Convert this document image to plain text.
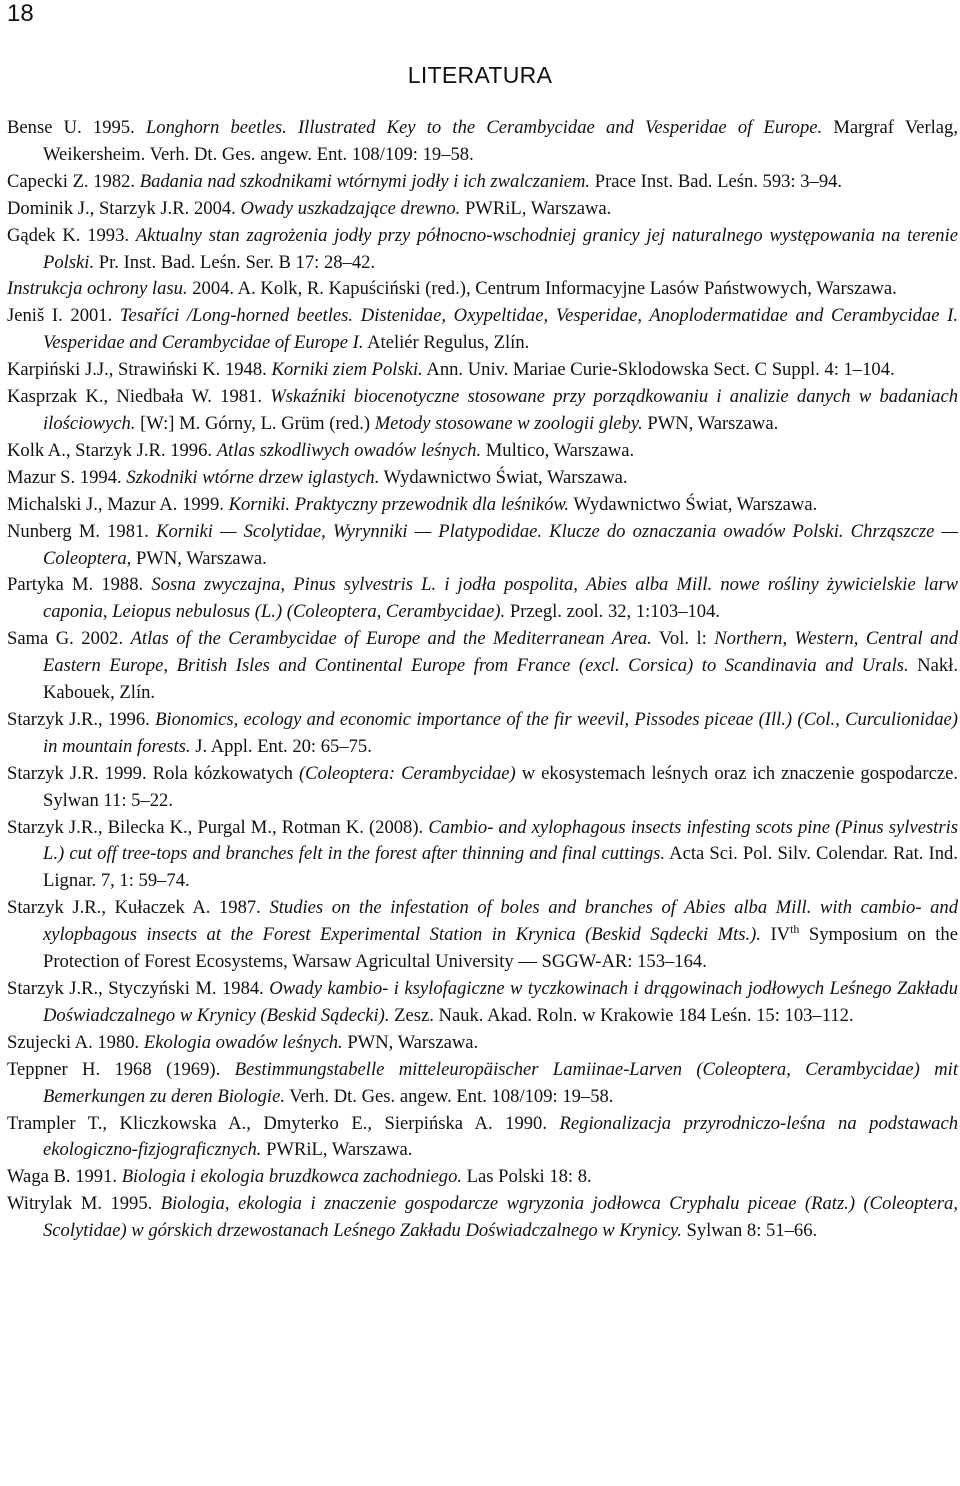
18
LITERATURA

Bense U. 1995. Longhorn beetles. Illustrated Key to the Cerambycidae and Vesperidae of Europe. Margraf Verlag, Weikersheim. Verh. Dt. Ges. angew. Ent. 108/109: 19–58.

Capecki Z. 1982. Badania nad szkodnikami wtórnymi jodły i ich zwalczaniem. Prace Inst. Bad. Leśn. 593: 3–94.

Dominik J., Starzyk J.R. 2004. Owady uszkadzające drewno. PWRiL, Warszawa.

Gądek K. 1993. Aktualny stan zagrożenia jodły przy północno-wschodniej granicy jej naturalnego występowania na terenie Polski. Pr. Inst. Bad. Leśn. Ser. B 17: 28–42.

Instrukcja ochrony lasu. 2004. A. Kolk, R. Kapuściński (red.), Centrum Informacyjne Lasów Państwowych, Warszawa.

Jeniš I. 2001. Tesaříci /Long-horned beetles. Distenidae, Oxypeltidae, Vesperidae, Anoplodermatidae and Cerambycidae I. Vesperidae and Cerambycidae of Europe I. Ateliér Regulus, Zlín.

Karpiński J.J., Strawiński K. 1948. Korniki ziem Polski. Ann. Univ. Mariae Curie-Sklodowska Sect. C Suppl. 4: 1–104.

Kasprzak K., Niedbała W. 1981. Wskaźniki biocenotyczne stosowane przy porządkowaniu i analizie danych w badaniach ilościowych. [W:] M. Górny, L. Grüm (red.) Metody stosowane w zoologii gleby. PWN, Warszawa.

Kolk A., Starzyk J.R. 1996. Atlas szkodliwych owadów leśnych. Multico, Warszawa.

Mazur S. 1994. Szkodniki wtórne drzew iglastych. Wydawnictwo Świat, Warszawa.

Michalski J., Mazur A. 1999. Korniki. Praktyczny przewodnik dla leśników. Wydawnictwo Świat, Warszawa.

Nunberg M. 1981. Korniki — Scolytidae, Wyrynniki — Platypodidae. Klucze do oznaczania owadów Polski. Chrząszcze — Coleoptera, PWN, Warszawa.

Partyka M. 1988. Sosna zwyczajna, Pinus sylvestris L. i jodła pospolita, Abies alba Mill. nowe rośliny żywicielskie larw caponia, Leiopus nebulosus (L.) (Coleoptera, Cerambycidae). Przegl. zool. 32, 1:103–104.

Sama G. 2002. Atlas of the Cerambycidae of Europe and the Mediterranean Area. Vol. l: Northern, Western, Central and Eastern Europe, British Isles and Continental Europe from France (excl. Corsica) to Scandinavia and Urals. Nakł. Kabouek, Zlín.

Starzyk J.R., 1996. Bionomics, ecology and economic importance of the fir weevil, Pissodes piceae (Ill.) (Col., Curculionidae) in mountain forests. J. Appl. Ent. 20: 65–75.

Starzyk J.R. 1999. Rola kózkowatych (Coleoptera: Cerambycidae) w ekosystemach leśnych oraz ich znaczenie gospodarcze. Sylwan 11: 5–22.

Starzyk J.R., Bilecka K., Purgal M., Rotman K. (2008). Cambio- and xylophagous insects infesting scots pine (Pinus sylvestris L.) cut off tree-tops and branches felt in the forest after thinning and final cuttings. Acta Sci. Pol. Silv. Colendar. Rat. Ind. Lignar. 7, 1: 59–74.

Starzyk J.R., Kułaczek A. 1987. Studies on the infestation of boles and branches of Abies alba Mill. with cambio- and xylopbagous insects at the Forest Experimental Station in Krynica (Beskid Sądecki Mts.). IVth Symposium on the Protection of Forest Ecosystems, Warsaw Agricultal University — SGGW-AR: 153–164.

Starzyk J.R., Styczyński M. 1984. Owady kambio- i ksylofagiczne w tyczkowinach i drągowinach jodłowych Leśnego Zakładu Doświadczalnego w Krynicy (Beskid Sądecki). Zesz. Nauk. Akad. Roln. w Krakowie 184 Leśn. 15: 103–112.

Szujecki A. 1980. Ekologia owadów leśnych. PWN, Warszawa.

Teppner H. 1968 (1969). Bestimmungstabelle mitteleuropäischer Lamiinae-Larven (Coleoptera, Cerambycidae) mit Bemerkungen zu deren Biologie. Verh. Dt. Ges. angew. Ent. 108/109: 19–58.

Trampler T., Kliczkowska A., Dmyterko E., Sierpińska A. 1990. Regionalizacja przyrodniczo-leśna na podstawach ekologiczno-fizjograficznych. PWRiL, Warszawa.

Waga B. 1991. Biologia i ekologia bruzdkowca zachodniego. Las Polski 18: 8.

Witrylak M. 1995. Biologia, ekologia i znaczenie gospodarcze wgryzonia jodłowca Cryphalu piceae (Ratz.) (Coleoptera, Scolytidae) w górskich drzewostanach Leśnego Zakładu Doświadczalnego w Krynicy. Sylwan 8: 51–66.
